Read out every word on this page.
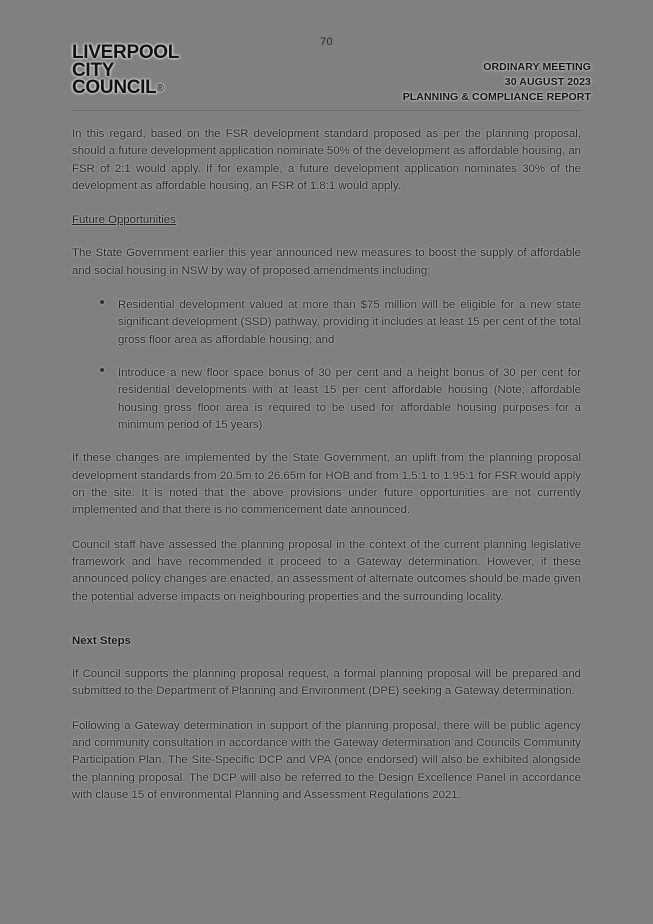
70
LIVERPOOL
CITY
COUNCIL®
ORDINARY MEETING
30 AUGUST 2023
PLANNING & COMPLIANCE REPORT

In this regard, based on the FSR development standard proposed as per the planning proposal, should a future development application nominate 50% of the development as affordable housing, an FSR of 2:1 would apply. If for example, a future development application nominates 30% of the development as affordable housing, an FSR of 1.8:1 would apply.

Future Opportunities

The State Government earlier this year announced new measures to boost the supply of affordable and social housing in NSW by way of proposed amendments including;

Residential development valued at more than $75 million will be eligible for a new state significant development (SSD) pathway, providing it includes at least 15 per cent of the total gross floor area as affordable housing; and
Introduce a new floor space bonus of 30 per cent and a height bonus of 30 per cent for residential developments with at least 15 per cent affordable housing (Note; affordable housing gross floor area is required to be used for affordable housing purposes for a minimum period of 15 years).

If these changes are implemented by the State Government, an uplift from the planning proposal development standards from 20.5m to 26.65m for HOB and from 1.5:1 to 1.95:1 for FSR would apply on the site. It is noted that the above provisions under future opportunities are not currently implemented and that there is no commencement date announced.

Council staff have assessed the planning proposal in the context of the current planning legislative framework and have recommended it proceed to a Gateway determination. However, if these announced policy changes are enacted, an assessment of alternate outcomes should be made given the potential adverse impacts on neighbouring properties and the surrounding locality.

Next Steps

If Council supports the planning proposal request, a formal planning proposal will be prepared and submitted to the Department of Planning and Environment (DPE) seeking a Gateway determination.

Following a Gateway determination in support of the planning proposal, there will be public agency and community consultation in accordance with the Gateway determination and Councils Community Participation Plan. The Site-Specific DCP and VPA (once endorsed) will also be exhibited alongside the planning proposal. The DCP will also be referred to the Design Excellence Panel in accordance with clause 15 of environmental Planning and Assessment Regulations 2021.
